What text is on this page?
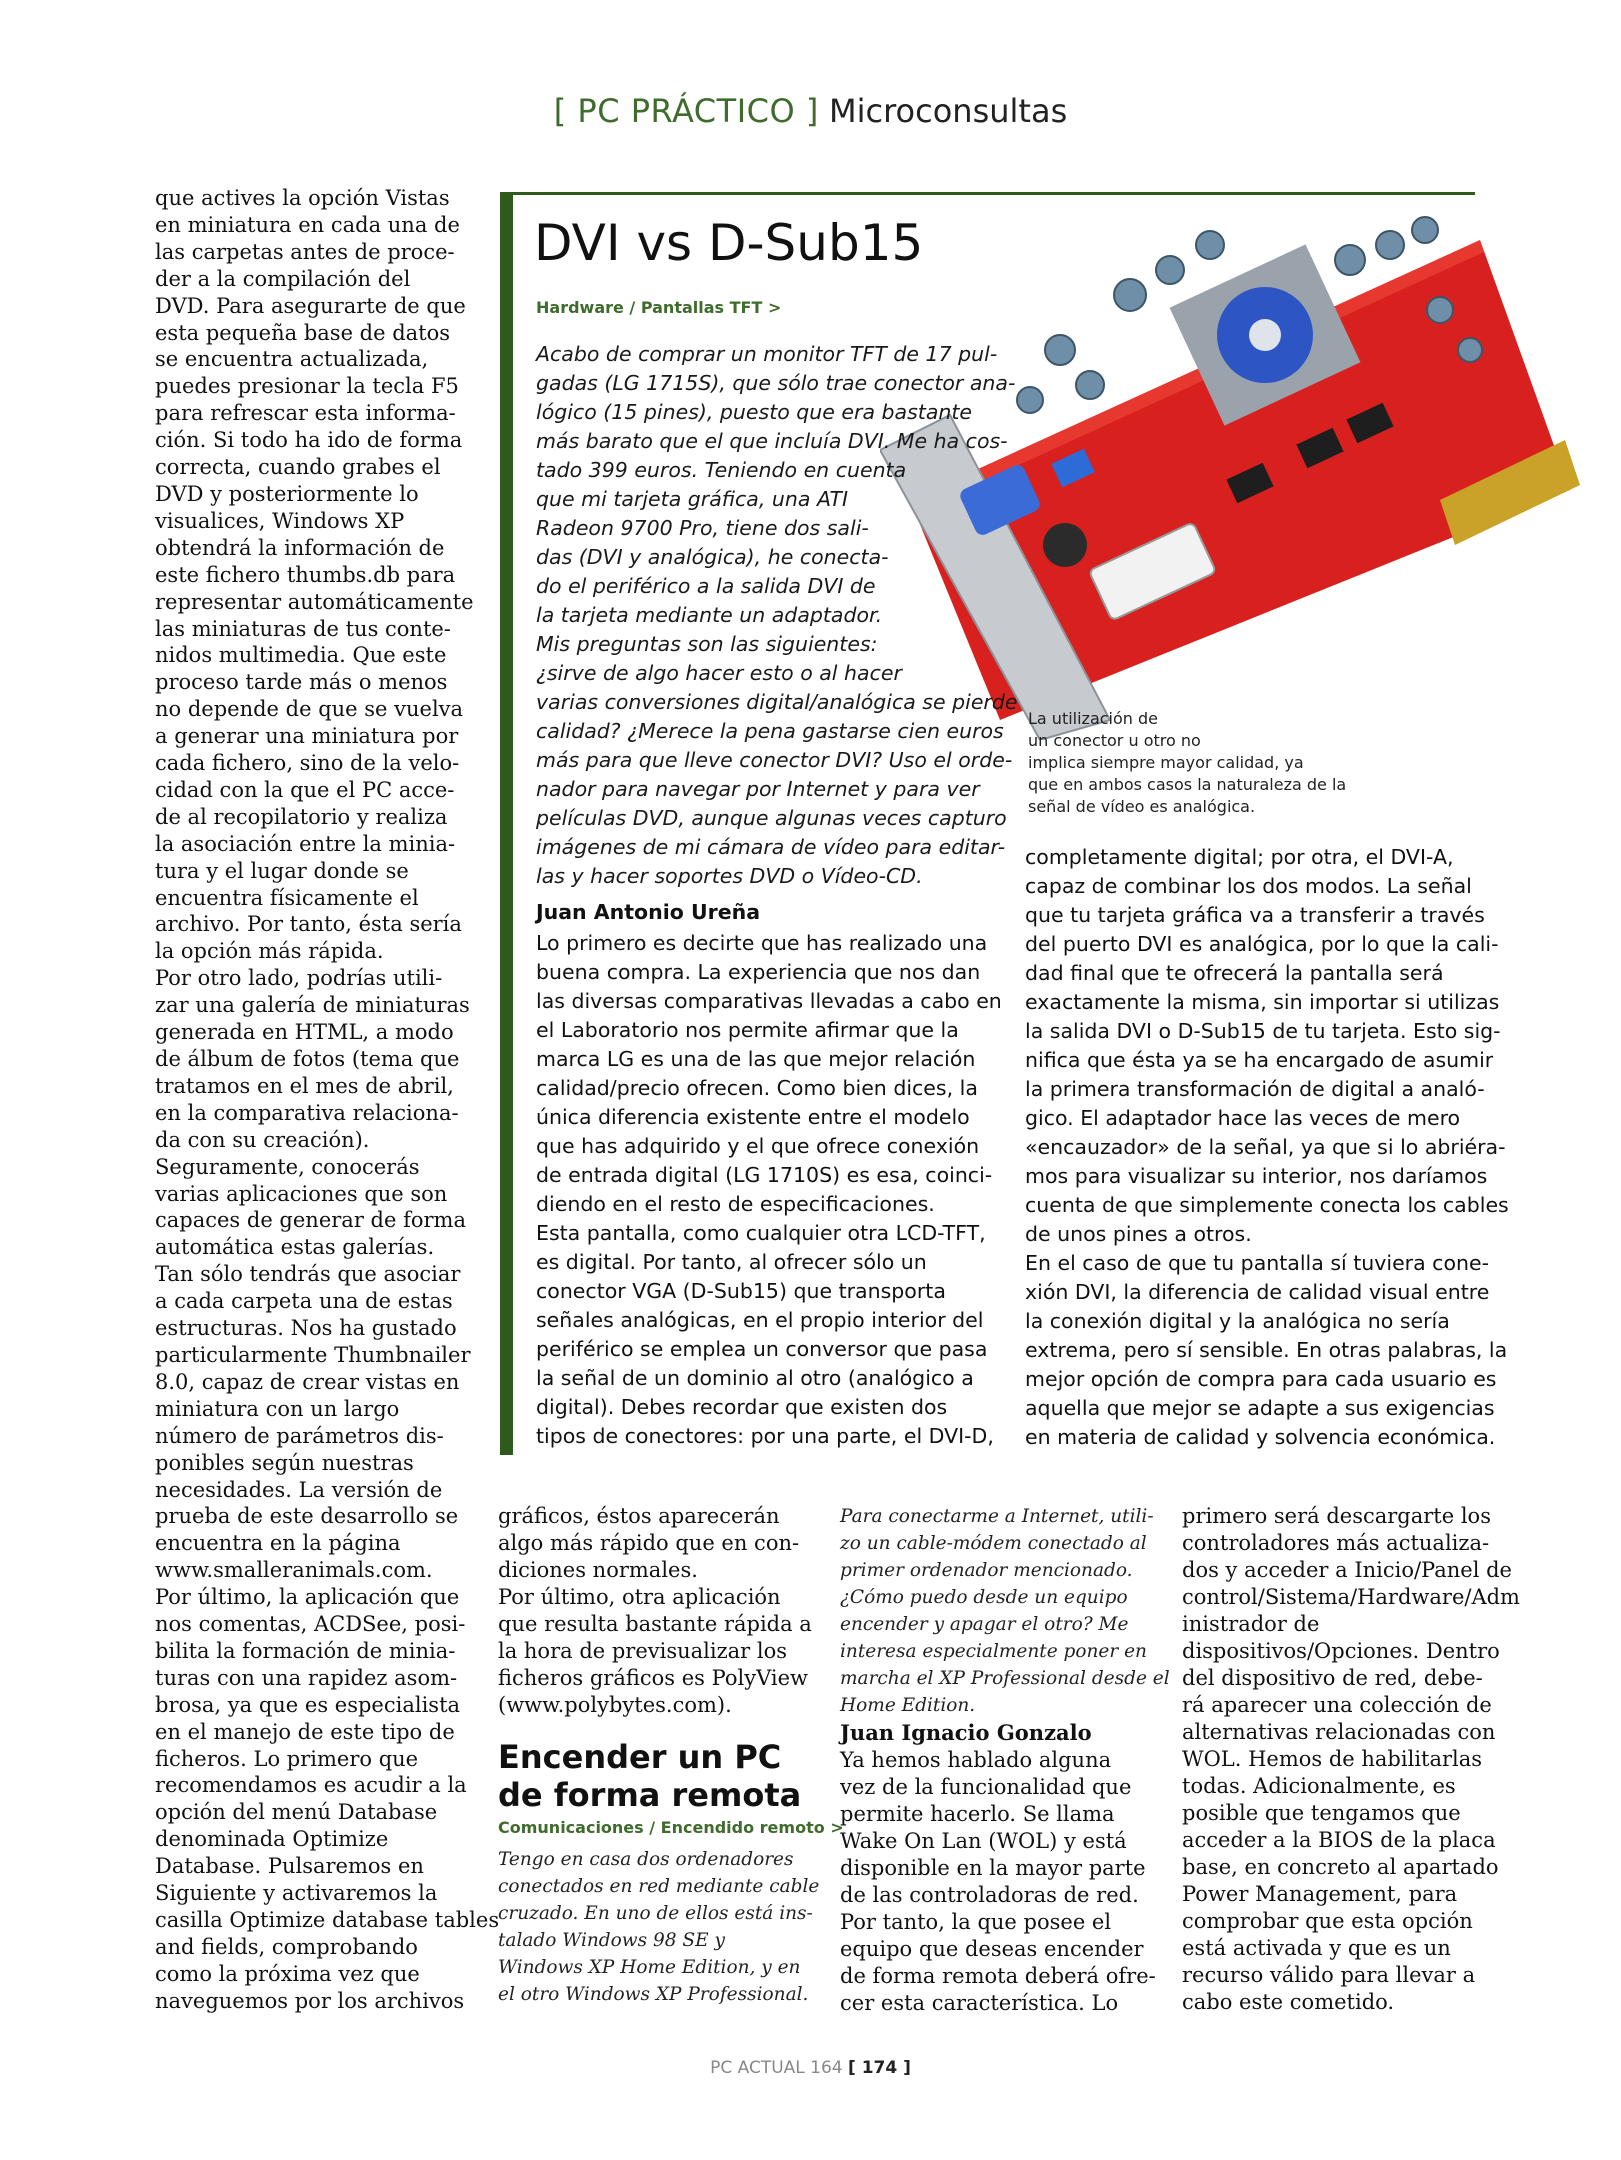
[ PC PRÁCTICO ] Microconsultas
que actives la opción Vistas
en miniatura en cada una de
las carpetas antes de proce-
der a la compilación del
DVD. Para asegurarte de que
esta pequeña base de datos
se encuentra actualizada,
puedes presionar la tecla F5
para refrescar esta informa-
ción. Si todo ha ido de forma
correcta, cuando grabes el
DVD y posteriormente lo
visualices, Windows XP
obtendrá la información de
este fichero thumbs.db para
representar automáticamente
las miniaturas de tus conte-
nidos multimedia. Que este
proceso tarde más o menos
no depende de que se vuelva
a generar una miniatura por
cada fichero, sino de la velo-
cidad con la que el PC acce-
de al recopilatorio y realiza
la asociación entre la minia-
tura y el lugar donde se
encuentra físicamente el
archivo. Por tanto, ésta sería
la opción más rápida.
Por otro lado, podrías utili-
zar una galería de miniaturas
generada en HTML, a modo
de álbum de fotos (tema que
tratamos en el mes de abril,
en la comparativa relaciona-
da con su creación).
Seguramente, conocerás
varias aplicaciones que son
capaces de generar de forma
automática estas galerías.
Tan sólo tendrás que asociar
a cada carpeta una de estas
estructuras. Nos ha gustado
particularmente Thumbnailer
8.0, capaz de crear vistas en
miniatura con un largo
número de parámetros dis-
ponibles según nuestras
necesidades. La versión de
prueba de este desarrollo se
encuentra en la página
www.smalleranimals.com.
Por último, la aplicación que
nos comentas, ACDSee, posi-
bilita la formación de minia-
turas con una rapidez asom-
brosa, ya que es especialista
en el manejo de este tipo de
ficheros. Lo primero que
recomendamos es acudir a la
opción del menú Database
denominada Optimize
Database. Pulsaremos en
Siguiente y activaremos la
casilla Optimize database tables
and fields, comprobando
como la próxima vez que
naveguemos por los archivos
DVI vs D-Sub15
Hardware / Pantallas TFT >
Acabo de comprar un monitor TFT de 17 pul-
gadas (LG 1715S), que sólo trae conector ana-
lógico (15 pines), puesto que era bastante
más barato que el que incluía DVI. Me ha cos-
tado 399 euros. Teniendo en cuenta
que mi tarjeta gráfica, una ATI
Radeon 9700 Pro, tiene dos sali-
das (DVI y analógica), he conecta-
do el periférico a la salida DVI de
la tarjeta mediante un adaptador.
Mis preguntas son las siguientes:
¿sirve de algo hacer esto o al hacer
varias conversiones digital/analógica se pierde
calidad? ¿Merece la pena gastarse cien euros
más para que lleve conector DVI? Uso el orde-
nador para navegar por Internet y para ver
películas DVD, aunque algunas veces capturo
imágenes de mi cámara de vídeo para editar-
las y hacer soportes DVD o Vídeo-CD.
Juan Antonio Ureña
Lo primero es decirte que has realizado una
buena compra. La experiencia que nos dan
las diversas comparativas llevadas a cabo en
el Laboratorio nos permite afirmar que la
marca LG es una de las que mejor relación
calidad/precio ofrecen. Como bien dices, la
única diferencia existente entre el modelo
que has adquirido y el que ofrece conexión
de entrada digital (LG 1710S) es esa, coinci-
diendo en el resto de especificaciones.
Esta pantalla, como cualquier otra LCD-TFT,
es digital. Por tanto, al ofrecer sólo un
conector VGA (D-Sub15) que transporta
señales analógicas, en el propio interior del
periférico se emplea un conversor que pasa
la señal de un dominio al otro (analógico a
digital). Debes recordar que existen dos
tipos de conectores: por una parte, el DVI-D,
La utilización de
un conector u otro no
implica siempre mayor calidad, ya
que en ambos casos la naturaleza de la
señal de vídeo es analógica.
completamente digital; por otra, el DVI-A,
capaz de combinar los dos modos. La señal
que tu tarjeta gráfica va a transferir a través
del puerto DVI es analógica, por lo que la cali-
dad final que te ofrecerá la pantalla será
exactamente la misma, sin importar si utilizas
la salida DVI o D-Sub15 de tu tarjeta. Esto sig-
nifica que ésta ya se ha encargado de asumir
la primera transformación de digital a analó-
gico. El adaptador hace las veces de mero
«encauzador» de la señal, ya que si lo abriéra-
mos para visualizar su interior, nos daríamos
cuenta de que simplemente conecta los cables
de unos pines a otros.
En el caso de que tu pantalla sí tuviera cone-
xión DVI, la diferencia de calidad visual entre
la conexión digital y la analógica no sería
extrema, pero sí sensible. En otras palabras, la
mejor opción de compra para cada usuario es
aquella que mejor se adapte a sus exigencias
en materia de calidad y solvencia económica.
gráficos, éstos aparecerán
algo más rápido que en con-
diciones normales.
Por último, otra aplicación
que resulta bastante rápida a
la hora de previsualizar los
ficheros gráficos es PolyView
(www.polybytes.com).
Encender un PC
de forma remota
Comunicaciones / Encendido remoto >
Tengo en casa dos ordenadores
conectados en red mediante cable
cruzado. En uno de ellos está ins-
talado Windows 98 SE y
Windows XP Home Edition, y en
el otro Windows XP Professional.
Para conectarme a Internet, utili-
zo un cable-módem conectado al
primer ordenador mencionado.
¿Cómo puedo desde un equipo
encender y apagar el otro? Me
interesa especialmente poner en
marcha el XP Professional desde el
Home Edition.
Juan Ignacio Gonzalo
Ya hemos hablado alguna
vez de la funcionalidad que
permite hacerlo. Se llama
Wake On Lan (WOL) y está
disponible en la mayor parte
de las controladoras de red.
Por tanto, la que posee el
equipo que deseas encender
de forma remota deberá ofre-
cer esta característica. Lo
primero será descargarte los
controladores más actualiza-
dos y acceder a Inicio/Panel de
control/Sistema/Hardware/Adm
inistrador de
dispositivos/Opciones. Dentro
del dispositivo de red, debe-
rá aparecer una colección de
alternativas relacionadas con
WOL. Hemos de habilitarlas
todas. Adicionalmente, es
posible que tengamos que
acceder a la BIOS de la placa
base, en concreto al apartado
Power Management, para
comprobar que esta opción
está activada y que es un
recurso válido para llevar a
cabo este cometido.
PC ACTUAL 164 [ 174 ]
